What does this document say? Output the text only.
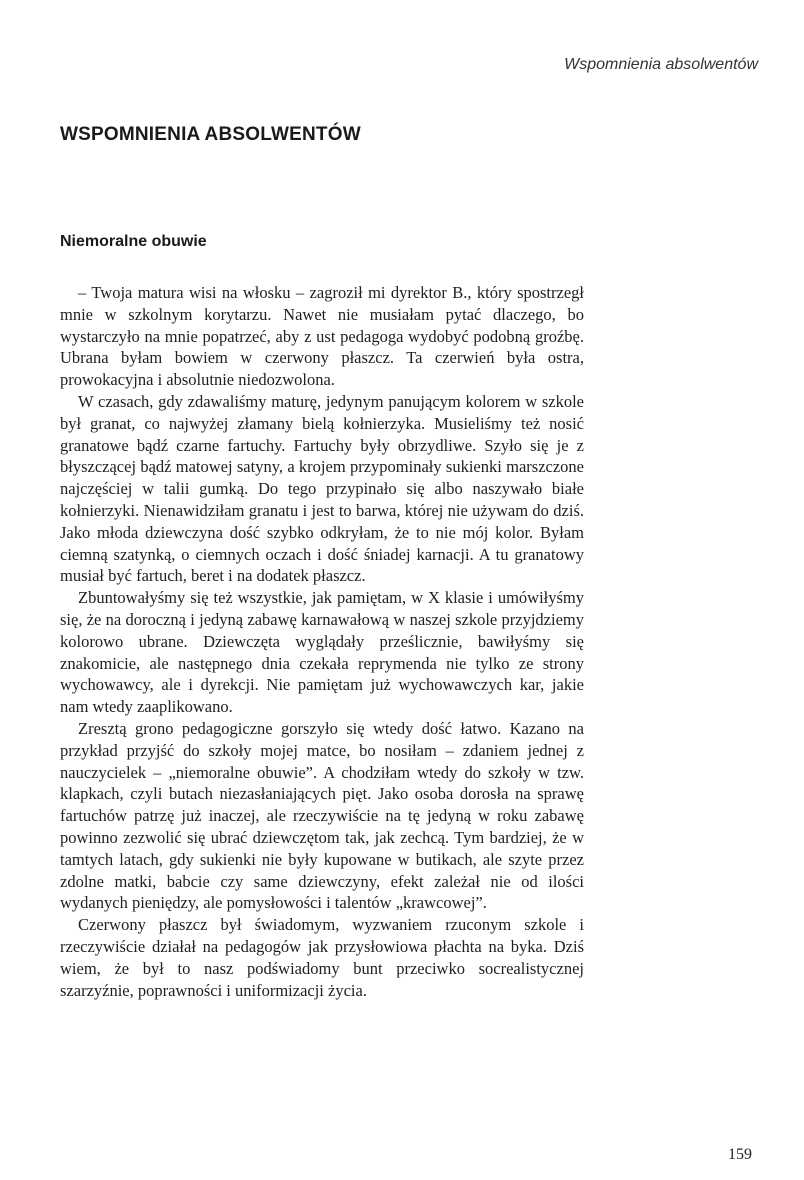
Wspomnienia absolwentów
WSPOMNIENIA ABSOLWENTÓW
Niemoralne obuwie

– Twoja matura wisi na włosku – zagroził mi dyrektor B., który spostrzegł mnie w szkolnym korytarzu. Nawet nie musiałam pytać dlaczego, bo wystarczyło na mnie popatrzeć, aby z ust pedagoga wydobyć podobną groźbę. Ubrana byłam bowiem w czerwony płaszcz. Ta czerwień była ostra, prowokacyjna i absolutnie niedozwolona.

W czasach, gdy zdawaliśmy maturę, jedynym panującym kolorem w szkole był granat, co najwyżej złamany bielą kołnierzyka. Musieliśmy też nosić granatowe bądź czarne fartuchy. Fartuchy były obrzydliwe. Szyło się je z błyszczącej bądź matowej satyny, a krojem przypominały sukienki marszczone najczęściej w talii gumką. Do tego przypinało się albo naszywało białe kołnierzyki. Nienawidziłam granatu i jest to barwa, której nie używam do dziś. Jako młoda dziewczyna dość szybko odkryłam, że to nie mój kolor. Byłam ciemną szatynką, o ciemnych oczach i dość śniadej karnacji. A tu granatowy musiał być fartuch, beret i na dodatek płaszcz.

Zbuntowałyśmy się też wszystkie, jak pamiętam, w X klasie i umówiłyśmy się, że na doroczną i jedyną zabawę karnawałową w naszej szkole przyjdziemy kolorowo ubrane. Dziewczęta wyglądały prześlicznie, bawiłyśmy się znakomicie, ale następnego dnia czekała reprymenda nie tylko ze strony wychowawcy, ale i dyrekcji. Nie pamiętam już wychowawczych kar, jakie nam wtedy zaaplikowano.

Zresztą grono pedagogiczne gorszyło się wtedy dość łatwo. Kazano na przykład przyjść do szkoły mojej matce, bo nosiłam – zdaniem jednej z nauczycielek – „niemoralne obuwie”. A chodziłam wtedy do szkoły w tzw. klapkach, czyli butach niezasłaniających pięt. Jako osoba dorosła na sprawę fartuchów patrzę już inaczej, ale rzeczywiście na tę jedyną w roku zabawę powinno zezwolić się ubrać dziewczętom tak, jak zechcą. Tym bardziej, że w tamtych latach, gdy sukienki nie były kupowane w butikach, ale szyte przez zdolne matki, babcie czy same dziewczyny, efekt zależał nie od ilości wydanych pieniędzy, ale pomysłowości i talentów „krawcowej”.

Czerwony płaszcz był świadomym, wyzwaniem rzuconym szkole i rzeczywiście działał na pedagogów jak przysłowiowa płachta na byka. Dziś wiem, że był to nasz podświadomy bunt przeciwko socrealistycznej szarzyźnie, poprawności i uniformizacji życia.

159
